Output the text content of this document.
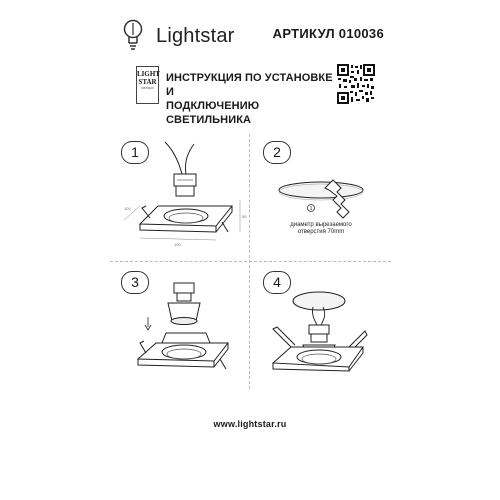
Lightstar	АРТИКУЛ 010036
LIGHT
STAR
DESIGN
ИНСТРУКЦИЯ ПО УСТАНОВКЕ И
ПОДКЛЮЧЕНИЮ СВЕТИЛЬНИКА
1
100
55
100
2
1
диаметр вырезаемого
отверстия 70mm
3	4
www.lightstar.ru
